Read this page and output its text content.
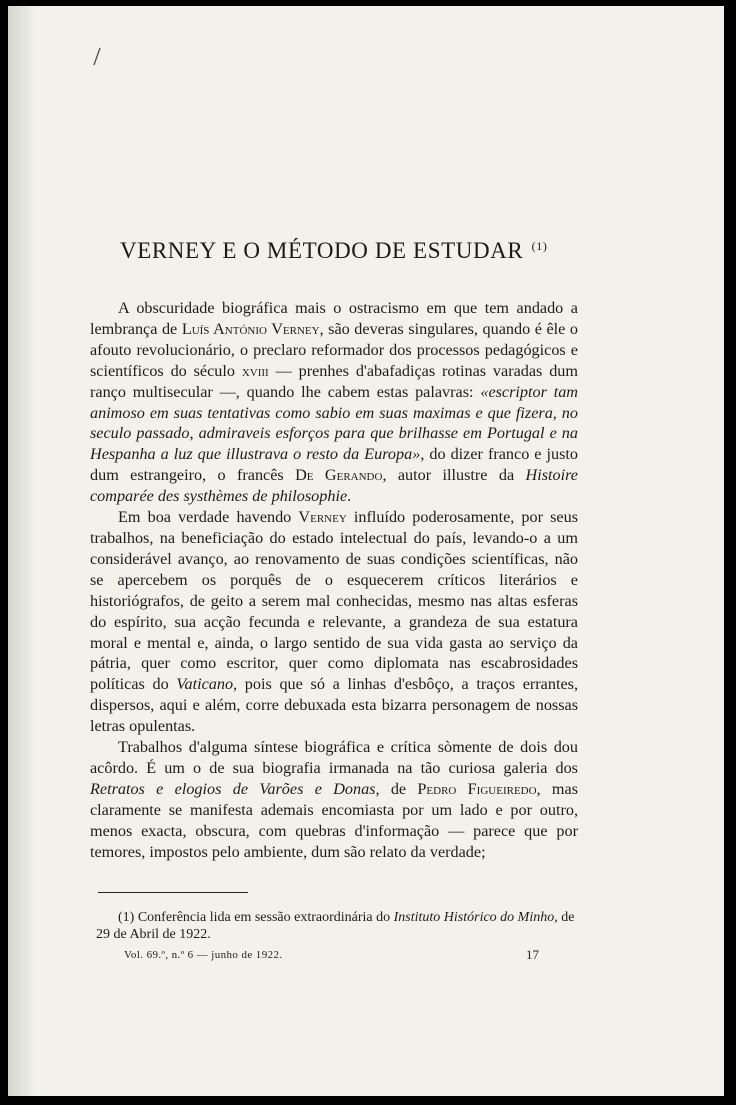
VERNEY E O MÉTODO DE ESTUDAR $^{(1)}$

A obscuridade biográfica mais o ostracismo em que tem andado a lembrança de Luís António Verney, são deveras singulares, quando é êle o afouto revolucionário, o preclaro reformador dos processos pedagógicos e scientíficos do século xviii — prenhes d'abafadiças rotinas varadas dum ranço multisecular —, quando lhe cabem estas palavras: «escriptor tam animoso em suas tentativas como sabio em suas maximas e que fizera, no seculo passado, admiraveis esforços para que brilhasse em Portugal e na Hespanha a luz que illustrava o resto da Europa», do dizer franco e justo dum estrangeiro, o francês De Gerando, autor illustre da Histoire comparée des systhèmes de philosophie.

Em boa verdade havendo Verney influído poderosamente, por seus trabalhos, na beneficiação do estado intelectual do país, levando-o a um considerável avanço, ao renovamento de suas condições scientíficas, não se apercebem os porquês de o esquecerem críticos literários e historiógrafos, de geito a serem mal conhecidas, mesmo nas altas esferas do espírito, sua acção fecunda e relevante, a grandeza de sua estatura moral e mental e, ainda, o largo sentido de sua vida gasta ao serviço da pátria, quer como escritor, quer como diplomata nas escabrosidades políticas do Vaticano, pois que só a linhas d'esbôço, a traços errantes, dispersos, aqui e além, corre debuxada esta bizarra personagem de nossas letras opulentas.

Trabalhos d'alguma síntese biográfica e crítica sòmente de dois dou acôrdo. É um o de sua biografia irmanada na tão curiosa galeria dos Retratos e elogios de Varões e Donas, de Pedro Figueiredo, mas claramente se manifesta ademais encomiasta por um lado e por outro, menos exacta, obscura, com quebras d'informação — parece que por temores, impostos pelo ambiente, dum são relato da verdade;

(1) Conferência lida em sessão extraordinária do Instituto Histórico do Minho, de 29 de Abril de 1922.
Vol. 69.º, n.º 6 — junho de 1922.	17
